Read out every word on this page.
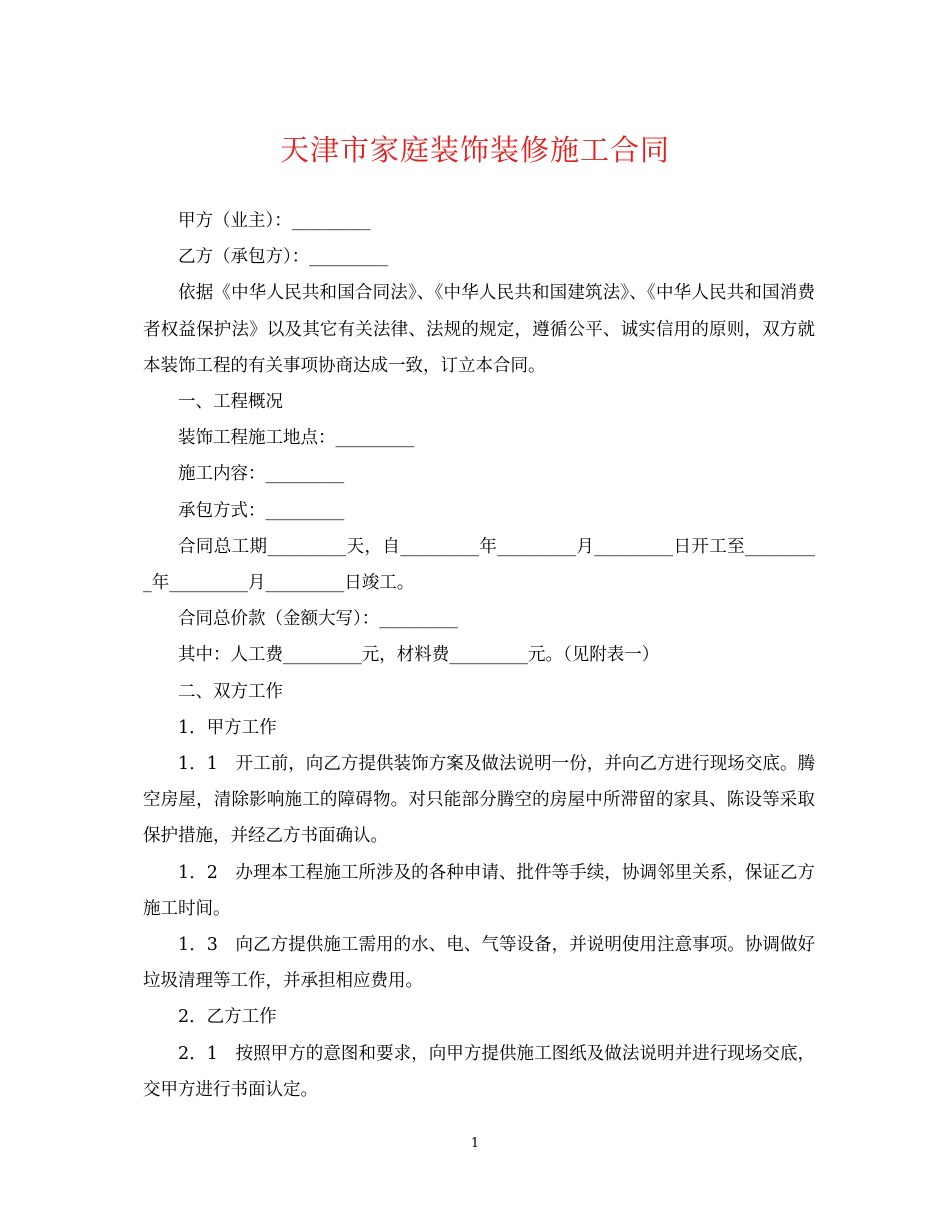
天津市家庭装饰装修施工合同

甲方（业主）：_________

乙方（承包方）：_________

依据《中华人民共和国合同法》、《中华人民共和国建筑法》、《中华人民共和国消费者权益保护法》以及其它有关法律、法规的规定，遵循公平、诚实信用的原则，双方就本装饰工程的有关事项协商达成一致，订立本合同。

一、工程概况

装饰工程施工地点：_________

施工内容：_________

承包方式：_________

合同总工期_________天，自_________年_________月_________日开工至_________年_________月_________日竣工。

合同总价款（金额大写）：_________

其中：人工费_________元，材料费_________元。（见附表一）

二、双方工作

1．甲方工作

1．1　开工前，向乙方提供装饰方案及做法说明一份，并向乙方进行现场交底。腾空房屋，清除影响施工的障碍物。对只能部分腾空的房屋中所滞留的家具、陈设等采取保护措施，并经乙方书面确认。

1．2　办理本工程施工所涉及的各种申请、批件等手续，协调邻里关系，保证乙方施工时间。

1．3　向乙方提供施工需用的水、电、气等设备，并说明使用注意事项。协调做好垃圾清理等工作，并承担相应费用。

2．乙方工作

2．1　按照甲方的意图和要求，向甲方提供施工图纸及做法说明并进行现场交底，交甲方进行书面认定。

1
